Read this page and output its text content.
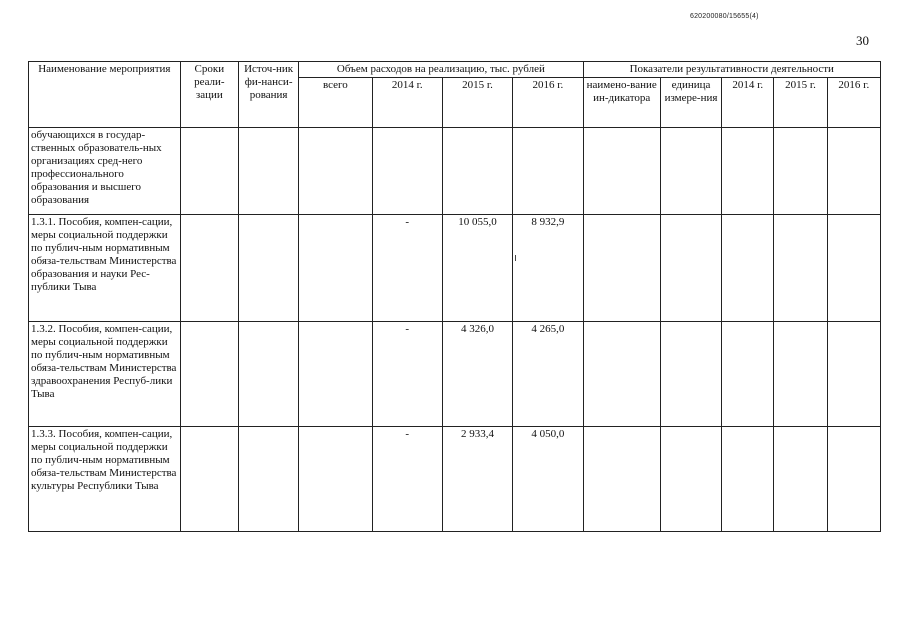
620200080/15655(4)
30
Наименование мероприятия	Сроки реали-зации	Источ-ник фи-нанси-рования	Объем расходов на реализацию, тыс. рублей				Показатели результативности деятельности				
			всего	2014 г.	2015 г.	2016 г.	наимено-вание ин-дикатора	единица измере-ния	2014 г.	2015 г.	2016 г.
обучающихся в государ-ственных образователь-ных организациях сред-него профессионального образования и высшего образования											
1.3.1. Пособия, компен-сации, меры социальной поддержки по публич-ным нормативным обяза-тельствам Министерства образования и науки Рес-публики Тыва				-	10 055,0	8 932,9

1.3.2. Пособия, компен-сации, меры социальной поддержки по публич-ным нормативным обяза-тельствам Министерства здравоохранения Респуб-лики Тыва				-	4 326,0	4 265,0					
1.3.3. Пособия, компен-сации, меры социальной поддержки по публич-ным нормативным обяза-тельствам Министерства культуры Республики Тыва				-	2 933,4	4 050,0					
